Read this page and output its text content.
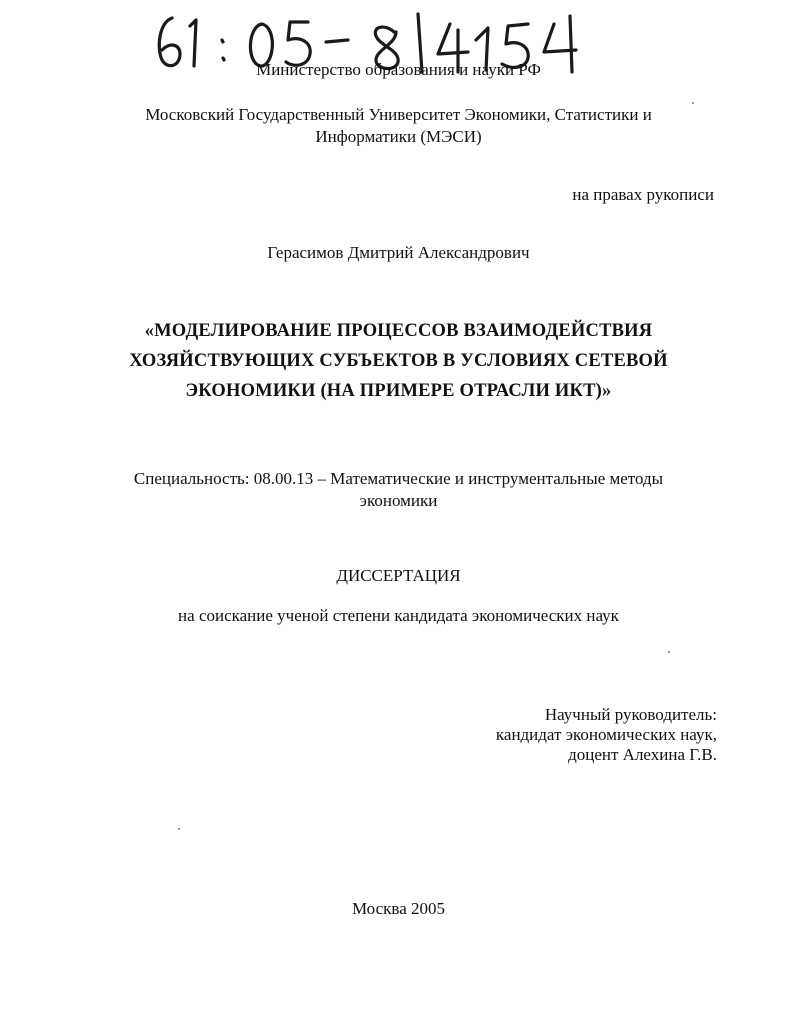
Министерство образования и науки РФ
Московский Государственный Университет Экономики, Статистики и
Информатики (МЭСИ)
на правах рукописи
Герасимов Дмитрий Александрович
«МОДЕЛИРОВАНИЕ ПРОЦЕССОВ ВЗАИМОДЕЙСТВИЯ
ХОЗЯЙСТВУЮЩИХ СУБЪЕКТОВ В УСЛОВИЯХ СЕТЕВОЙ
ЭКОНОМИКИ (НА ПРИМЕРЕ ОТРАСЛИ ИКТ)»
Специальность: 08.00.13 – Математические и инструментальные методы
экономики
ДИССЕРТАЦИЯ
на соискание ученой степени кандидата экономических наук
Научный руководитель:
кандидат экономических наук,
доцент Алехина Г.В.
Москва 2005
